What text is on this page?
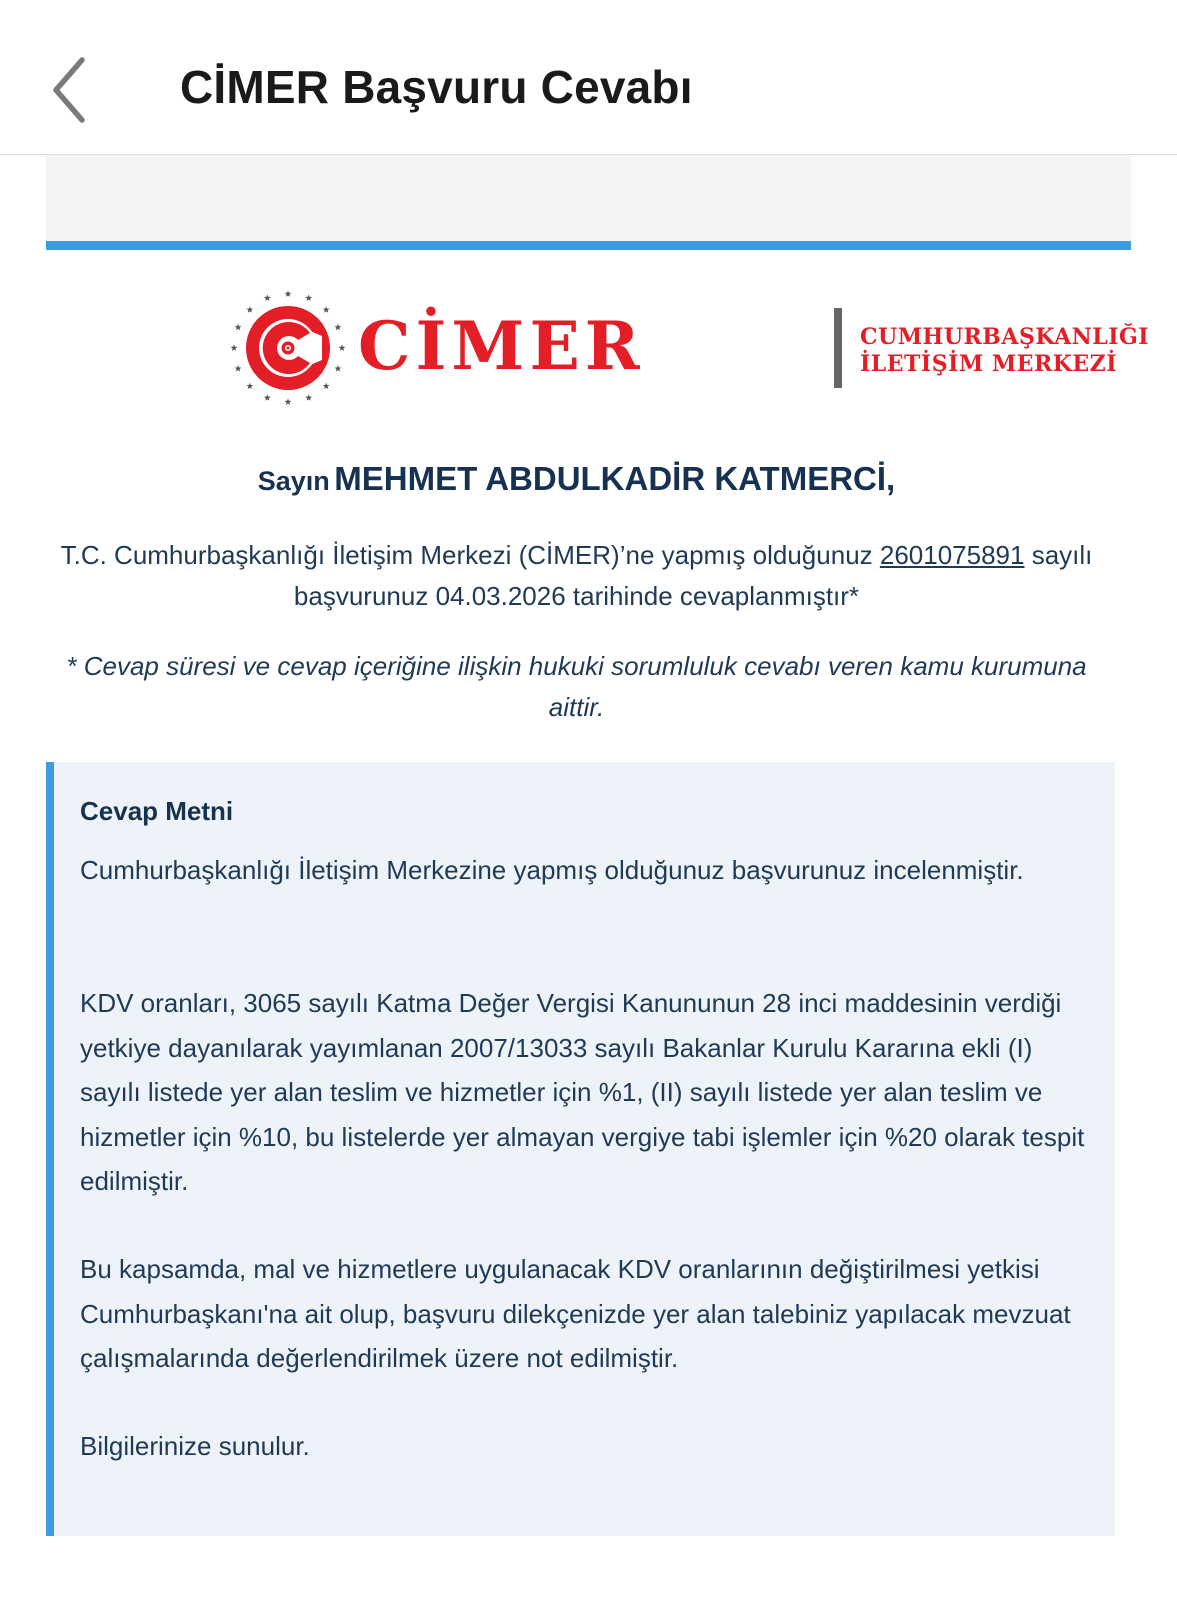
CİMER Başvuru Cevabı
CİMER	CUMHURBAŞKANLIĞI
İLETİŞİM MERKEZİ
Sayın MEHMET ABDULKADİR KATMERCİ,
T.C. Cumhurbaşkanlığı İletişim Merkezi (CİMER)’ne yapmış olduğunuz 2601075891 sayılı başvurunuz 04.03.2026 tarihinde cevaplanmıştır*
* Cevap süresi ve cevap içeriğine ilişkin hukuki sorumluluk cevabı veren kamu kurumuna aittir.
Cevap Metni
Cumhurbaşkanlığı İletişim Merkezine yapmış olduğunuz başvurunuz incelenmiştir.
KDV oranları, 3065 sayılı Katma Değer Vergisi Kanununun 28 inci maddesinin verdiği yetkiye dayanılarak yayımlanan 2007/13033 sayılı Bakanlar Kurulu Kararına ekli (I) sayılı listede yer alan teslim ve hizmetler için %1, (II) sayılı listede yer alan teslim ve hizmetler için %10, bu listelerde yer almayan vergiye tabi işlemler için %20 olarak tespit edilmiştir.
Bu kapsamda, mal ve hizmetlere uygulanacak KDV oranlarının değiştirilmesi yetkisi Cumhurbaşkanı'na ait olup, başvuru dilekçenizde yer alan talebiniz yapılacak mevzuat çalışmalarında değerlendirilmek üzere not edilmiştir.
Bilgilerinize sunulur.
